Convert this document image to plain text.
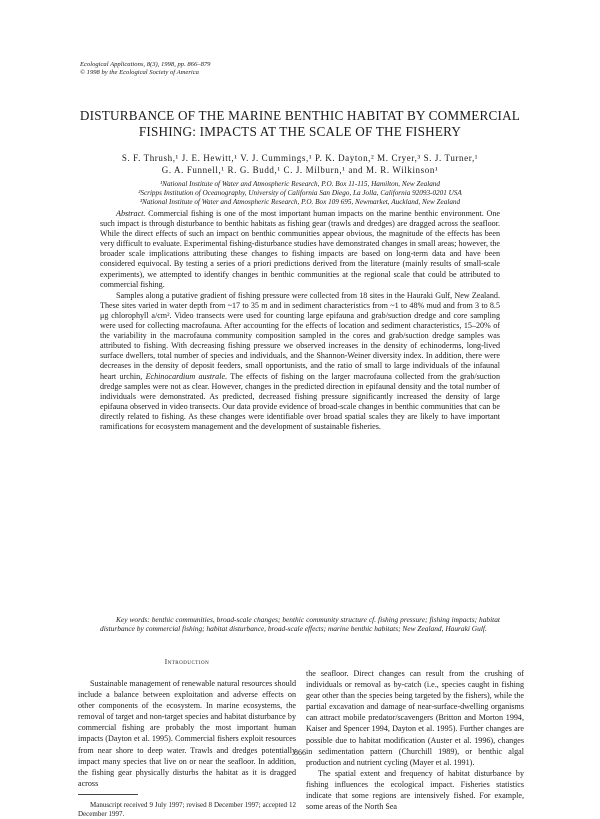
Ecological Applications, 8(3), 1998, pp. 866–879
© 1998 by the Ecological Society of America
DISTURBANCE OF THE MARINE BENTHIC HABITAT BY COMMERCIAL FISHING: IMPACTS AT THE SCALE OF THE FISHERY
S. F. Thrush,¹ J. E. Hewitt,¹ V. J. Cummings,¹ P. K. Dayton,² M. Cryer,³ S. J. Turner,¹
G. A. Funnell,¹ R. G. Budd,¹ C. J. Milburn,¹ and M. R. Wilkinson¹
¹National Institute of Water and Atmospheric Research, P.O. Box 11-115, Hamilton, New Zealand
²Scripps Institution of Oceanography, University of California San Diego, La Jolla, California 92093-0201 USA
³National Institute of Water and Atmospheric Research, P.O. Box 109 695, Newmarket, Auckland, New Zealand

Abstract. Commercial fishing is one of the most important human impacts on the marine benthic environment. One such impact is through disturbance to benthic habitats as fishing gear (trawls and dredges) are dragged across the seafloor. While the direct effects of such an impact on benthic communities appear obvious, the magnitude of the effects has been very difficult to evaluate. Experimental fishing-disturbance studies have demonstrated changes in small areas; however, the broader scale implications attributing these changes to fishing impacts are based on long-term data and have been considered equivocal. By testing a series of a priori predictions derived from the literature (mainly results of small-scale experiments), we attempted to identify changes in benthic communities at the regional scale that could be attributed to commercial fishing.

Samples along a putative gradient of fishing pressure were collected from 18 sites in the Hauraki Gulf, New Zealand. These sites varied in water depth from ~17 to 35 m and in sediment characteristics from ~1 to 48% mud and from 3 to 8.5 μg chlorophyll a/cm². Video transects were used for counting large epifauna and grab/suction dredge and core sampling were used for collecting macrofauna. After accounting for the effects of location and sediment characteristics, 15–20% of the variability in the macrofauna community composition sampled in the cores and grab/suction dredge samples was attributed to fishing. With decreasing fishing pressure we observed increases in the density of echinoderms, long-lived surface dwellers, total number of species and individuals, and the Shannon-Weiner diversity index. In addition, there were decreases in the density of deposit feeders, small opportunists, and the ratio of small to large individuals of the infaunal heart urchin, Echinocardium australe. The effects of fishing on the larger macrofauna collected from the grab/suction dredge samples were not as clear. However, changes in the predicted direction in epifaunal density and the total number of individuals were demonstrated. As predicted, decreased fishing pressure significantly increased the density of large epifauna observed in video transects. Our data provide evidence of broad-scale changes in benthic communities that can be directly related to fishing. As these changes were identifiable over broad spatial scales they are likely to have important ramifications for ecosystem management and the development of sustainable fisheries.

Key words: benthic communities, broad-scale changes; benthic community structure cf. fishing pressure; fishing impacts; habitat disturbance by commercial fishing; habitat disturbance, broad-scale effects; marine benthic habitats; New Zealand, Hauraki Gulf.
Introduction

Sustainable management of renewable natural resources should include a balance between exploitation and adverse effects on other components of the ecosystem. In marine ecosystems, the removal of target and non-target species and habitat disturbance by commercial fishing are probably the most important human impacts (Dayton et al. 1995). Commercial fishers exploit resources from near shore to deep water. Trawls and dredges potentially impact many species that live on or near the seafloor. In addition, the fishing gear physically disturbs the habitat as it is dragged across

Manuscript received 9 July 1997; revised 8 December 1997; accepted 12 December 1997.

the seafloor. Direct changes can result from the crushing of individuals or removal as by-catch (i.e., species caught in fishing gear other than the species being targeted by the fishers), while the partial excavation and damage of near-surface-dwelling organisms can attract mobile predator/scavengers (Britton and Morton 1994, Kaiser and Spencer 1994, Dayton et al. 1995). Further changes are possible due to habitat modification (Auster et al. 1996), changes in sedimentation pattern (Churchill 1989), or benthic algal production and nutrient cycling (Mayer et al. 1991).

The spatial extent and frequency of habitat disturbance by fishing influences the ecological impact. Fisheries statistics indicate that some regions are intensively fished. For example, some areas of the North Sea

866
